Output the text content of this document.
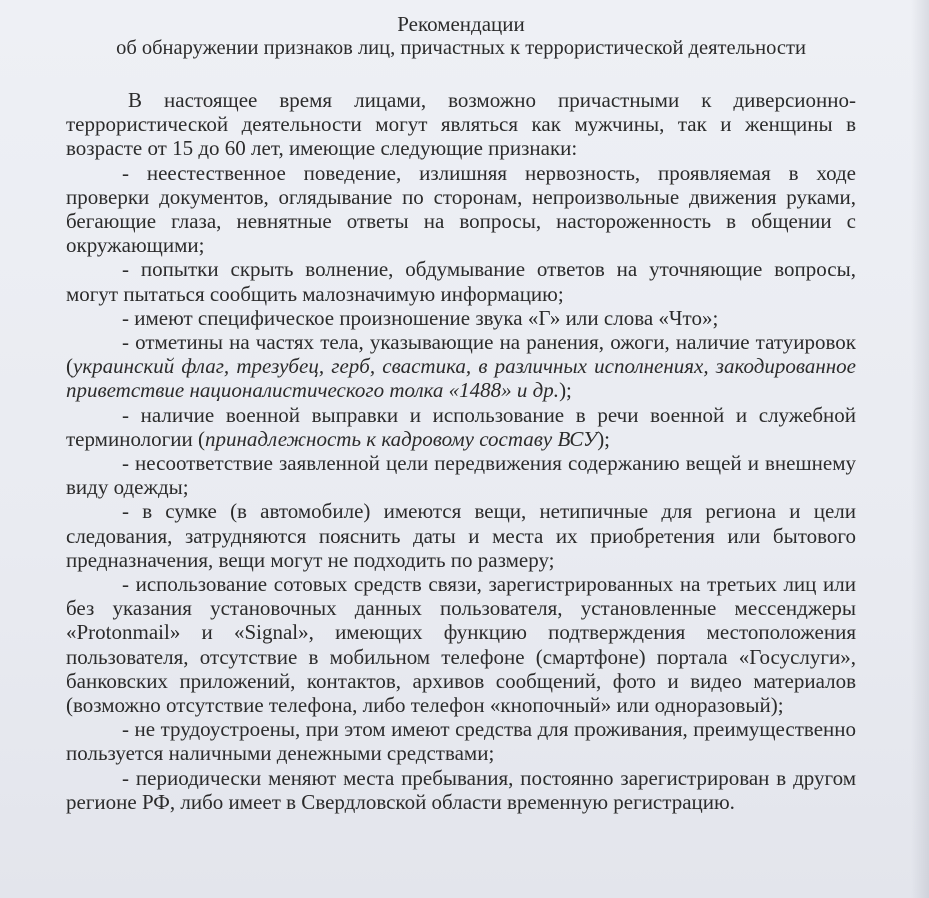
Рекомендации

об обнаружении признаков лиц, причастных к террористической деятельности

В настоящее время лицами, возможно причастными к диверсионно-террористической деятельности могут являться как мужчины, так и женщины в возрасте от 15 до 60 лет, имеющие следующие признаки:

- неестественное поведение, излишняя нервозность, проявляемая в ходе проверки документов, оглядывание по сторонам, непроизвольные движения руками, бегающие глаза, невнятные ответы на вопросы, настороженность в общении с окружающими;

- попытки скрыть волнение, обдумывание ответов на уточняющие вопросы, могут пытаться сообщить малозначимую информацию;

- имеют специфическое произношение звука «Г» или слова «Что»;

- отметины на частях тела, указывающие на ранения, ожоги, наличие татуировок (украинский флаг, трезубец, герб, свастика, в различных исполнениях, закодированное приветствие националистического толка «1488» и др.);

- наличие военной выправки и использование в речи военной и служебной терминологии (принадлежность к кадровому составу ВСУ);

- несоответствие заявленной цели передвижения содержанию вещей и внешнему виду одежды;

- в сумке (в автомобиле) имеются вещи, нетипичные для региона и цели следования, затрудняются пояснить даты и места их приобретения или бытового предназначения, вещи могут не подходить по размеру;

- использование сотовых средств связи, зарегистрированных на третьих лиц или без указания установочных данных пользователя, установленные мессенджеры «Protonmail» и «Signal», имеющих функцию подтверждения местоположения пользователя, отсутствие в мобильном телефоне (смартфоне) портала «Госуслуги», банковских приложений, контактов, архивов сообщений, фото и видео материалов (возможно отсутствие телефона, либо телефон «кнопочный» или одноразовый);

- не трудоустроены, при этом имеют средства для проживания, преимущественно пользуется наличными денежными средствами;

- периодически меняют места пребывания, постоянно зарегистрирован в другом регионе РФ, либо имеет в Свердловской области временную регистрацию.
